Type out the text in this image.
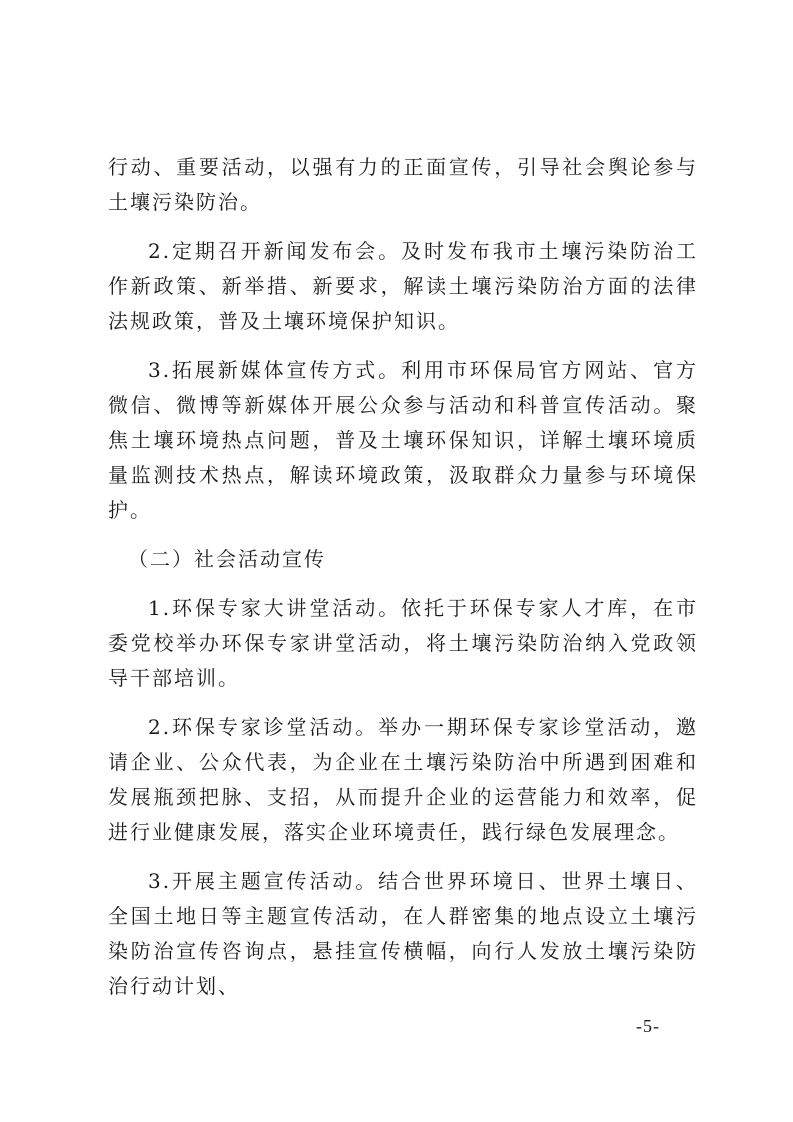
行动、重要活动，以强有力的正面宣传，引导社会舆论参与土壤污染防治。

2.定期召开新闻发布会。及时发布我市土壤污染防治工作新政策、新举措、新要求，解读土壤污染防治方面的法律法规政策，普及土壤环境保护知识。

3.拓展新媒体宣传方式。利用市环保局官方网站、官方微信、微博等新媒体开展公众参与活动和科普宣传活动。聚焦土壤环境热点问题，普及土壤环保知识，详解土壤环境质量监测技术热点，解读环境政策，汲取群众力量参与环境保护。

（二）社会活动宣传

1.环保专家大讲堂活动。依托于环保专家人才库，在市委党校举办环保专家讲堂活动，将土壤污染防治纳入党政领导干部培训。

2.环保专家诊堂活动。举办一期环保专家诊堂活动，邀请企业、公众代表，为企业在土壤污染防治中所遇到困难和发展瓶颈把脉、支招，从而提升企业的运营能力和效率，促进行业健康发展，落实企业环境责任，践行绿色发展理念。

3.开展主题宣传活动。结合世界环境日、世界土壤日、全国土地日等主题宣传活动，在人群密集的地点设立土壤污染防治宣传咨询点，悬挂宣传横幅，向行人发放土壤污染防治行动计划、

-5-
